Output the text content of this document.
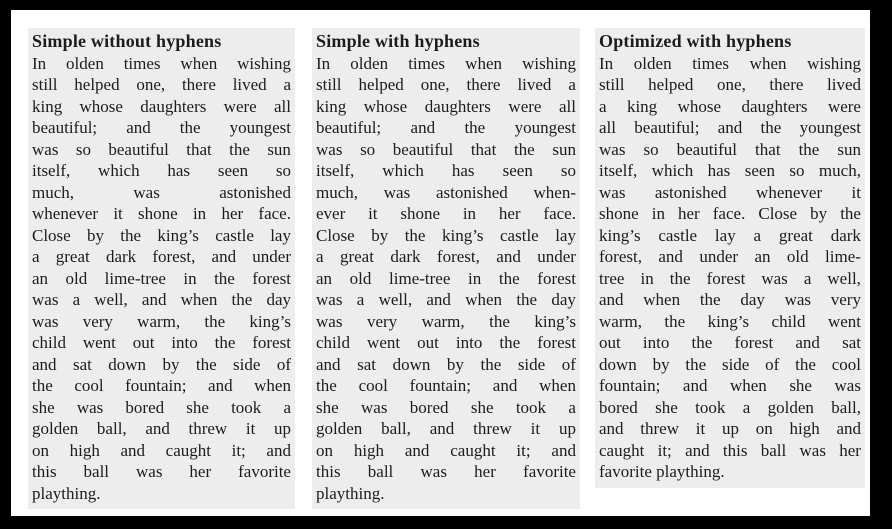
Simple without hyphens
In olden times when wishing
still helped one, there lived a
king whose daughters were all
beautiful; and the youngest
was so beautiful that the sun
itself, which has seen so
much,	was	astonished
whenever it shone in her face.
Close by the king’s castle lay
a great dark forest, and under
an old lime-tree in the forest
was a well, and when the day
was very warm, the king’s
child went out into the forest
and sat down by the side of
the cool fountain; and when
she was bored she took a
golden ball, and threw it up
on high and caught it; and
this ball was her favorite
plaything.
Simple with hyphens
In olden times when wishing
still helped one, there lived a
king whose daughters were all
beautiful; and the youngest
was so beautiful that the sun
itself, which has seen so
much, was astonished when-
ever it shone in her face.
Close by the king’s castle lay
a great dark forest, and under
an old lime-tree in the forest
was a well, and when the day
was very warm, the king’s
child went out into the forest
and sat down by the side of
the cool fountain; and when
she was bored she took a
golden ball, and threw it up
on high and caught it; and
this ball was her favorite
plaything.
Optimized with hyphens
In olden times when wishing
still helped one, there lived
a king whose daughters were
all beautiful; and the youngest
was so beautiful that the sun
itself, which has seen so much,
was astonished whenever it
shone in her face. Close by the
king’s castle lay a great dark
forest, and under an old lime-
tree in the forest was a well,
and when the day was very
warm, the king’s child went
out into the forest and sat
down by the side of the cool
fountain; and when she was
bored she took a golden ball,
and threw it up on high and
caught it; and this ball was her
favorite plaything.
